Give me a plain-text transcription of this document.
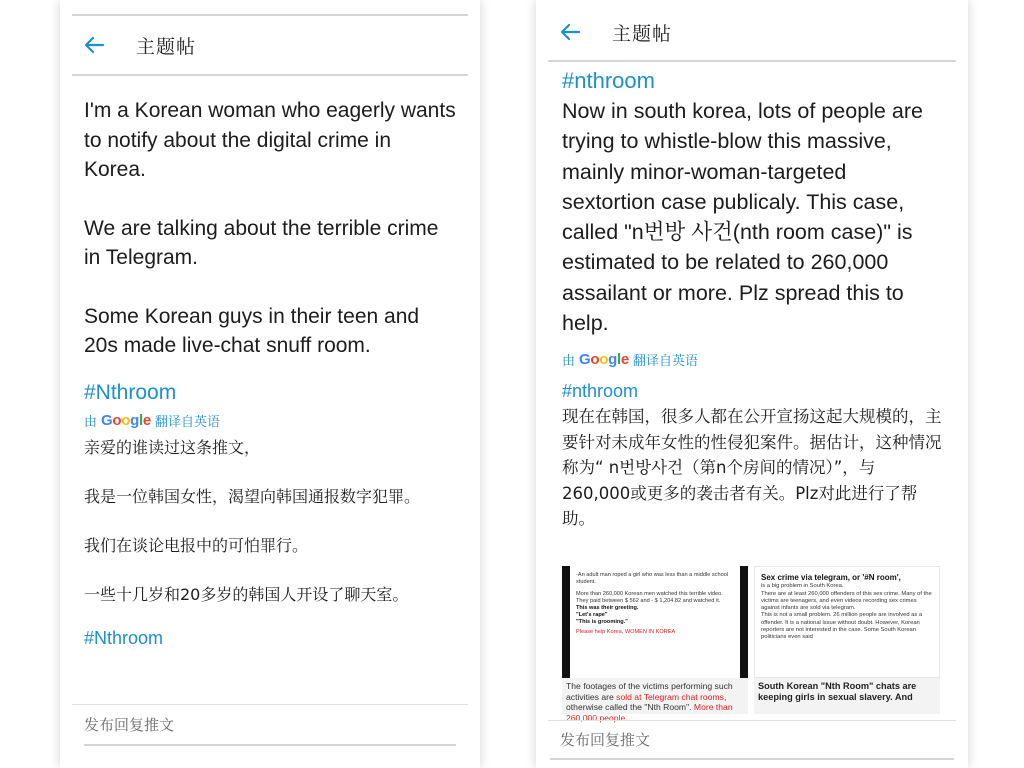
主题帖

I'm a Korean woman who eagerly wants to notify about the digital crime in Korea.

We are talking about the terrible crime in Telegram.

Some Korean guys in their teen and 20s made live-chat snuff room.

#Nthroom
由 Google 翻译自英语

亲爱的谁读过这条推文，

我是一位韩国女性，渴望向韩国通报数字犯罪。

我们在谈论电报中的可怕罪行。

一些十几岁和20多岁的韩国人开设了聊天室。

#Nthroom
发布回复推文
主题帖
#nthroom

Now in south korea, lots of people are trying to whistle-blow this massive, mainly minor-woman-targeted sextortion case publicaly. This case, called "n번방 사건(nth room case)" is estimated to be related to 260,000 assailant or more. Plz spread this to help.

由 Google 翻译自英语
#nthroom

现在在韩国，很多人都在公开宣扬这起大规模的，主要针对未成年女性的性侵犯案件。据估计，这种情况称为“ n번방사건（第n个房间的情况）”，与260,000或更多的袭击者有关。Plz对此进行了帮助。

-An adult man roped a girl who was less than a middle school student.
More than 260,000 Korean men watched this terrible video. They paid between $ 562 and - $ 1,204.82 and watched it.
This was their greeting.
"Let's rape"
"This is grooming."
Please help Korea, WOMEN IN KOREA
The footages of the victims performing such activities are sold at Telegram chat rooms, otherwise called the "Nth Room". More than 260,000 people
Sex crime via telegram, or '#N room',
is a big problem in South Korea.
There are at least 260,000 offenders of this sex crime. Many of the victims are teenagers, and even videos recording sex crimes against infants are sold via telegram.
This is not a small problem. 26 million people are involved as a offender. It is a national issue without doubt. However, Korean reporters are not interested in the case. Some South Korean politicians even said
South Korean "Nth Room" chats are keeping girls in sexual slavery. And
发布回复推文
